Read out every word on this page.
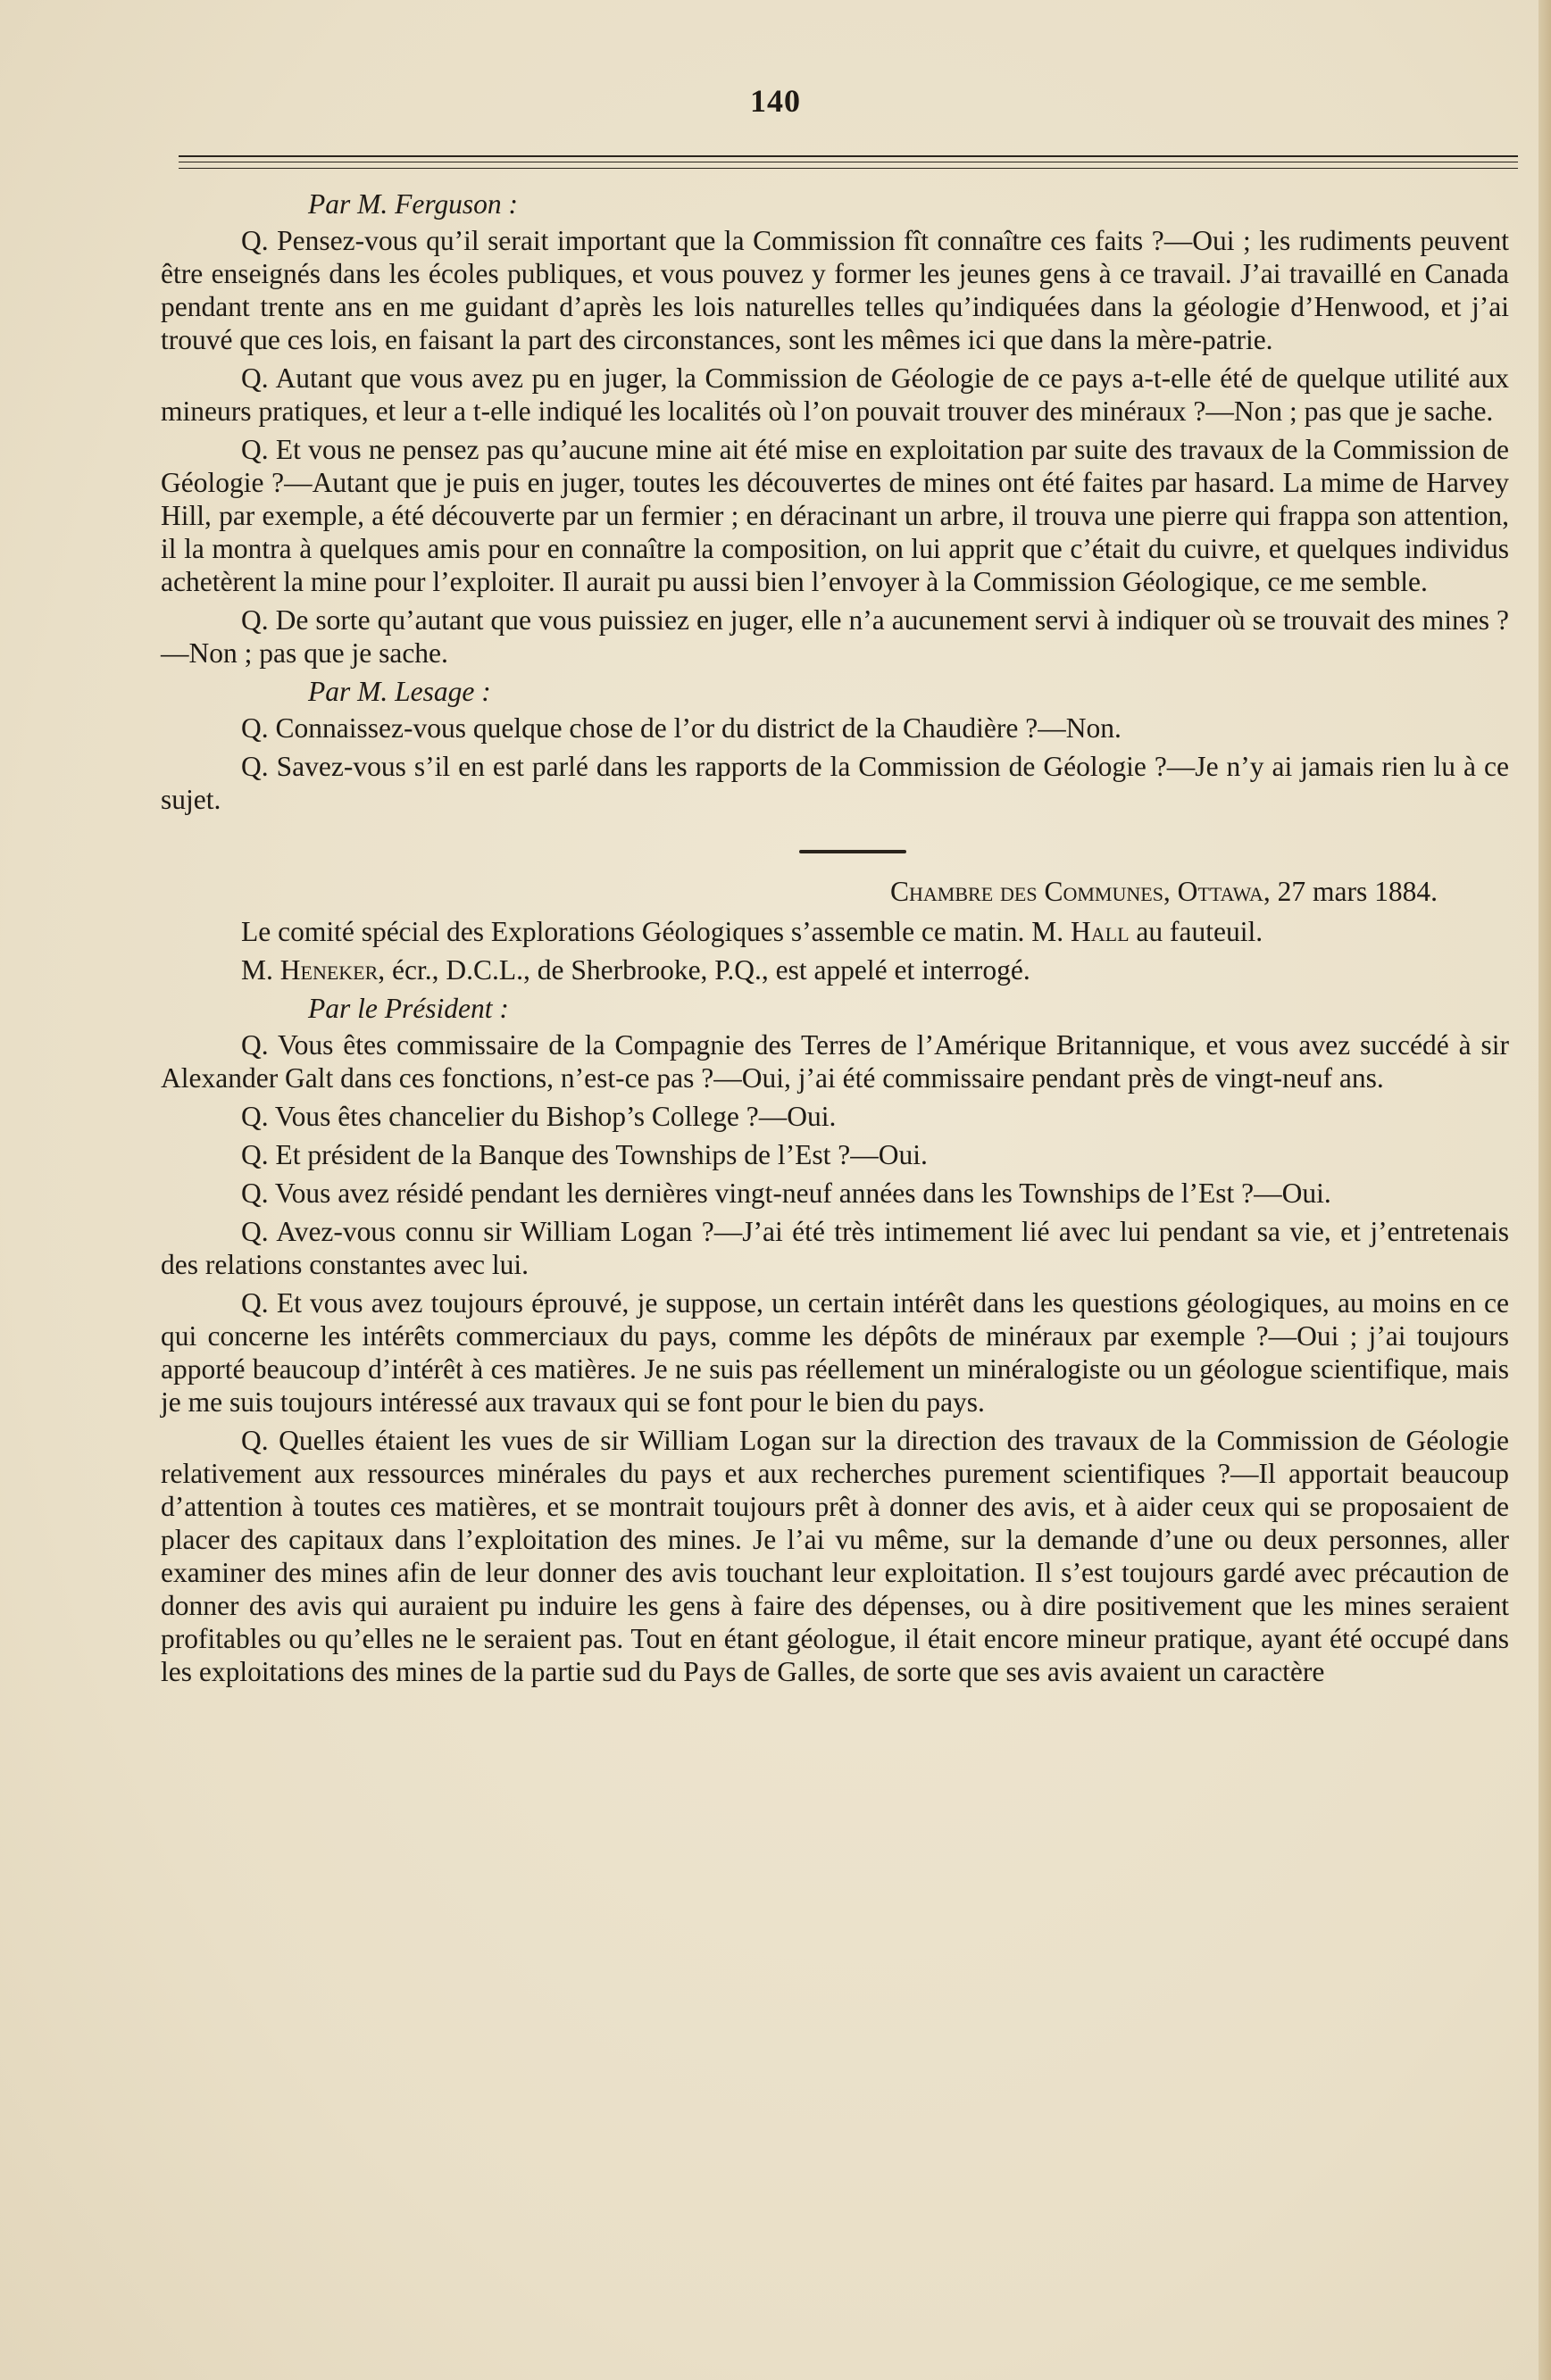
140
Par M. Ferguson :

Q. Pensez-vous qu’il serait important que la Commission fît connaître ces faits ?—Oui ; les rudiments peuvent être enseignés dans les écoles publiques, et vous pouvez y former les jeunes gens à ce travail. J’ai travaillé en Canada pendant trente ans en me guidant d’après les lois naturelles telles qu’indiquées dans la géologie d’Henwood, et j’ai trouvé que ces lois, en faisant la part des circonstances, sont les mêmes ici que dans la mère-patrie.

Q. Autant que vous avez pu en juger, la Commission de Géologie de ce pays a-t-elle été de quelque utilité aux mineurs pratiques, et leur a t-elle indiqué les localités où l’on pouvait trouver des minéraux ?—Non ; pas que je sache.

Q. Et vous ne pensez pas qu’aucune mine ait été mise en exploitation par suite des travaux de la Commission de Géologie ?—Autant que je puis en juger, toutes les découvertes de mines ont été faites par hasard. La mime de Harvey Hill, par exemple, a été découverte par un fermier ; en déracinant un arbre, il trouva une pierre qui frappa son attention, il la montra à quelques amis pour en connaître la composition, on lui apprit que c’était du cuivre, et quelques individus achetèrent la mine pour l’exploiter. Il aurait pu aussi bien l’envoyer à la Commission Géologique, ce me semble.

Q. De sorte qu’autant que vous puissiez en juger, elle n’a aucunement servi à indiquer où se trouvait des mines ?—Non ; pas que je sache.

Par M. Lesage :

Q. Connaissez-vous quelque chose de l’or du district de la Chaudière ?—Non.

Q. Savez-vous s’il en est parlé dans les rapports de la Commission de Géologie ?—Je n’y ai jamais rien lu à ce sujet.

Chambre des Communes, Ottawa, 27 mars 1884.

Le comité spécial des Explorations Géologiques s’assemble ce matin. M. Hall au fauteuil.

M. Heneker, écr., D.C.L., de Sherbrooke, P.Q., est appelé et interrogé.

Par le Président :

Q. Vous êtes commissaire de la Compagnie des Terres de l’Amérique Britannique, et vous avez succédé à sir Alexander Galt dans ces fonctions, n’est-ce pas ?—Oui, j’ai été commissaire pendant près de vingt-neuf ans.

Q. Vous êtes chancelier du Bishop’s College ?—Oui.

Q. Et président de la Banque des Townships de l’Est ?—Oui.

Q. Vous avez résidé pendant les dernières vingt-neuf années dans les Townships de l’Est ?—Oui.

Q. Avez-vous connu sir William Logan ?—J’ai été très intimement lié avec lui pendant sa vie, et j’entretenais des relations constantes avec lui.

Q. Et vous avez toujours éprouvé, je suppose, un certain intérêt dans les questions géologiques, au moins en ce qui concerne les intérêts commerciaux du pays, comme les dépôts de minéraux par exemple ?—Oui ; j’ai toujours apporté beaucoup d’intérêt à ces matières. Je ne suis pas réellement un minéralogiste ou un géologue scientifique, mais je me suis toujours intéressé aux travaux qui se font pour le bien du pays.

Q. Quelles étaient les vues de sir William Logan sur la direction des travaux de la Commission de Géologie relativement aux ressources minérales du pays et aux recherches purement scientifiques ?—Il apportait beaucoup d’attention à toutes ces matières, et se montrait toujours prêt à donner des avis, et à aider ceux qui se proposaient de placer des capitaux dans l’exploitation des mines. Je l’ai vu même, sur la demande d’une ou deux personnes, aller examiner des mines afin de leur donner des avis touchant leur exploitation. Il s’est toujours gardé avec précaution de donner des avis qui auraient pu induire les gens à faire des dépenses, ou à dire positivement que les mines seraient profitables ou qu’elles ne le seraient pas. Tout en étant géologue, il était encore mineur pratique, ayant été occupé dans les exploitations des mines de la partie sud du Pays de Galles, de sorte que ses avis avaient un caractère
